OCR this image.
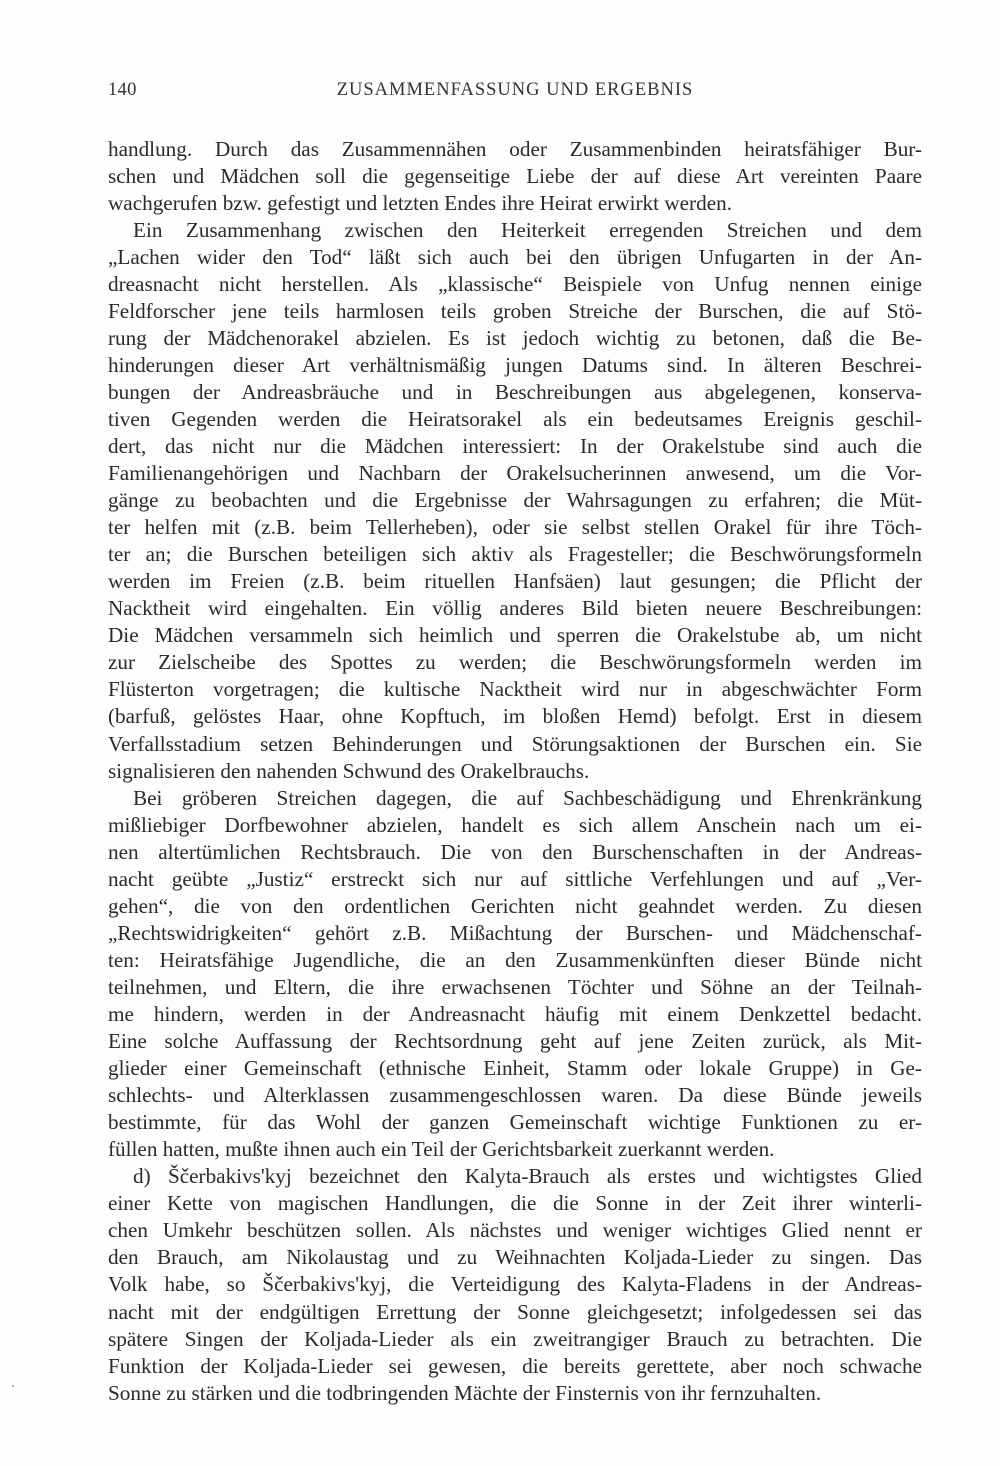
140	ZUSAMMENFASSUNG UND ERGEBNIS
handlung. Durch das Zusammennähen oder Zusammenbinden heiratsfähiger Bur-
schen und Mädchen soll die gegenseitige Liebe der auf diese Art vereinten Paare
wachgerufen bzw. gefestigt und letzten Endes ihre Heirat erwirkt werden.
Ein Zusammenhang zwischen den Heiterkeit erregenden Streichen und dem
„Lachen wider den Tod“ läßt sich auch bei den übrigen Unfugarten in der An-
dreasnacht nicht herstellen. Als „klassische“ Beispiele von Unfug nennen einige
Feldforscher jene teils harmlosen teils groben Streiche der Burschen, die auf Stö-
rung der Mädchenorakel abzielen. Es ist jedoch wichtig zu betonen, daß die Be-
hinderungen dieser Art verhältnismäßig jungen Datums sind. In älteren Beschrei-
bungen der Andreasbräuche und in Beschreibungen aus abgelegenen, konserva-
tiven Gegenden werden die Heiratsorakel als ein bedeutsames Ereignis geschil-
dert, das nicht nur die Mädchen interessiert: In der Orakelstube sind auch die
Familienangehörigen und Nachbarn der Orakelsucherinnen anwesend, um die Vor-
gänge zu beobachten und die Ergebnisse der Wahrsagungen zu erfahren; die Müt-
ter helfen mit (z.B. beim Tellerheben), oder sie selbst stellen Orakel für ihre Töch-
ter an; die Burschen beteiligen sich aktiv als Fragesteller; die Beschwörungsformeln
werden im Freien (z.B. beim rituellen Hanfsäen) laut gesungen; die Pflicht der
Nacktheit wird eingehalten. Ein völlig anderes Bild bieten neuere Beschreibungen:
Die Mädchen versammeln sich heimlich und sperren die Orakelstube ab, um nicht
zur Zielscheibe des Spottes zu werden; die Beschwörungsformeln werden im
Flüsterton vorgetragen; die kultische Nacktheit wird nur in abgeschwächter Form
(barfuß, gelöstes Haar, ohne Kopftuch, im bloßen Hemd) befolgt. Erst in diesem
Verfallsstadium setzen Behinderungen und Störungsaktionen der Burschen ein. Sie
signalisieren den nahenden Schwund des Orakelbrauchs.
Bei gröberen Streichen dagegen, die auf Sachbeschädigung und Ehrenkränkung
mißliebiger Dorfbewohner abzielen, handelt es sich allem Anschein nach um ei-
nen altertümlichen Rechtsbrauch. Die von den Burschenschaften in der Andreas-
nacht geübte „Justiz“ erstreckt sich nur auf sittliche Verfehlungen und auf „Ver-
gehen“, die von den ordentlichen Gerichten nicht geahndet werden. Zu diesen
„Rechtswidrigkeiten“ gehört z.B. Mißachtung der Burschen- und Mädchenschaf-
ten: Heiratsfähige Jugendliche, die an den Zusammenkünften dieser Bünde nicht
teilnehmen, und Eltern, die ihre erwachsenen Töchter und Söhne an der Teilnah-
me hindern, werden in der Andreasnacht häufig mit einem Denkzettel bedacht.
Eine solche Auffassung der Rechtsordnung geht auf jene Zeiten zurück, als Mit-
glieder einer Gemeinschaft (ethnische Einheit, Stamm oder lokale Gruppe) in Ge-
schlechts- und Alterklassen zusammengeschlossen waren. Da diese Bünde jeweils
bestimmte, für das Wohl der ganzen Gemeinschaft wichtige Funktionen zu er-
füllen hatten, mußte ihnen auch ein Teil der Gerichtsbarkeit zuerkannt werden.
d) Ščerbakivs'kyj bezeichnet den Kalyta-Brauch als erstes und wichtigstes Glied
einer Kette von magischen Handlungen, die die Sonne in der Zeit ihrer winterli-
chen Umkehr beschützen sollen. Als nächstes und weniger wichtiges Glied nennt er
den Brauch, am Nikolaustag und zu Weihnachten Koljada-Lieder zu singen. Das
Volk habe, so Ščerbakivs'kyj, die Verteidigung des Kalyta-Fladens in der Andreas-
nacht mit der endgültigen Errettung der Sonne gleichgesetzt; infolgedessen sei das
spätere Singen der Koljada-Lieder als ein zweitrangiger Brauch zu betrachten. Die
Funktion der Koljada-Lieder sei gewesen, die bereits gerettete, aber noch schwache
Sonne zu stärken und die todbringenden Mächte der Finsternis von ihr fernzuhalten.
